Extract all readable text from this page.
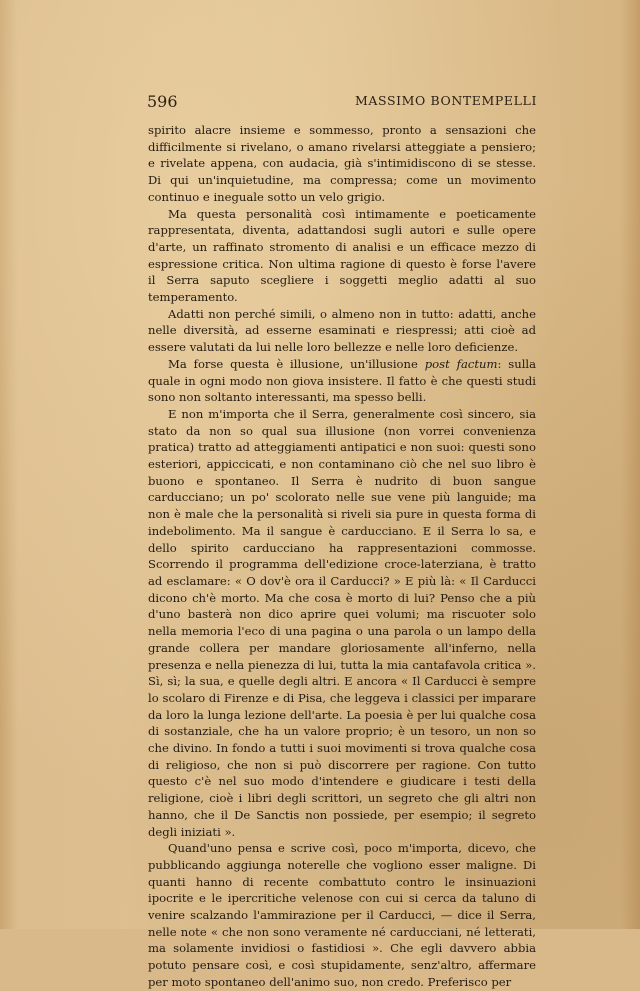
596	MASSIMO BONTEMPELLI

spirito alacre insieme e sommesso, pronto a sensazioni che difficilmente si rivelano, o amano rivelarsi atteggiate a pensiero; e rivelate appena, con audacia, già s'intimidiscono di se stesse. Di qui un'inquietudine, ma compressa; come un movimento continuo e ineguale sotto un velo grigio.

Ma questa personalità così intimamente e poeticamente rappresentata, diventa, adattandosi sugli autori e sulle opere d'arte, un raffinato stromento di analisi e un efficace mezzo di espressione critica. Non ultima ragione di questo è forse l'avere il Serra saputo scegliere i soggetti meglio adatti al suo temperamento.

Adatti non perché simili, o almeno non in tutto: adatti, anche nelle diversità, ad esserne esaminati e riespressi; atti cioè ad essere valutati da lui nelle loro bellezze e nelle loro deficienze.

Ma forse questa è illusione, un'illusione post factum: sulla quale in ogni modo non giova insistere. Il fatto è che questi studi sono non soltanto interessanti, ma spesso belli.

E non m'importa che il Serra, generalmente così sincero, sia stato da non so qual sua illusione (non vorrei convenienza pratica) tratto ad atteggiamenti antipatici e non suoi: questi sono esteriori, appiccicati, e non contaminano ciò che nel suo libro è buono e spontaneo. Il Serra è nudrito di buon sangue carducciano; un po' scolorato nelle sue vene più languide; ma non è male che la personalità si riveli sia pure in questa forma di indebolimento. Ma il sangue è carducciano. E il Serra lo sa, e dello spirito carducciano ha rappresentazioni commosse. Scorrendo il programma dell'edizione croce-laterziana, è tratto ad esclamare: « O dov'è ora il Carducci? » E più là: « Il Carducci dicono ch'è morto. Ma che cosa è morto di lui? Penso che a più d'uno basterà non dico aprire quei volumi; ma riscuoter solo nella memoria l'eco di una pagina o una parola o un lampo della grande collera per mandare gloriosamente all'inferno, nella presenza e nella pienezza di lui, tutta la mia cantafavola critica ». Sì, sì; la sua, e quelle degli altri. E ancora « Il Carducci è sempre lo scolaro di Firenze e di Pisa, che leggeva i classici per imparare da loro la lunga lezione dell'arte. La poesia è per lui qualche cosa di sostanziale, che ha un valore proprio; è un tesoro, un non so che divino. In fondo a tutti i suoi movimenti si trova qualche cosa di religioso, che non si può discorrere per ragione. Con tutto questo c'è nel suo modo d'intendere e giudicare i testi della religione, cioè i libri degli scrittori, un segreto che gli altri non hanno, che il De Sanctis non possiede, per esempio; il segreto degli iniziati ».

Quand'uno pensa e scrive così, poco m'importa, dicevo, che pubblicando aggiunga noterelle che vogliono esser maligne. Di quanti hanno di recente combattuto contro le insinuazioni ipocrite e le ipercritiche velenose con cui si cerca da taluno di venire scalzando l'ammirazione per il Carducci, — dice il Serra, nelle note « che non sono veramente né carducciani, né letterati, ma solamente invidiosi o fastidiosi ». Che egli davvero abbia potuto pensare così, e così stupidamente, senz'altro, affermare per moto spontaneo dell'animo suo, non credo. Preferisco per
